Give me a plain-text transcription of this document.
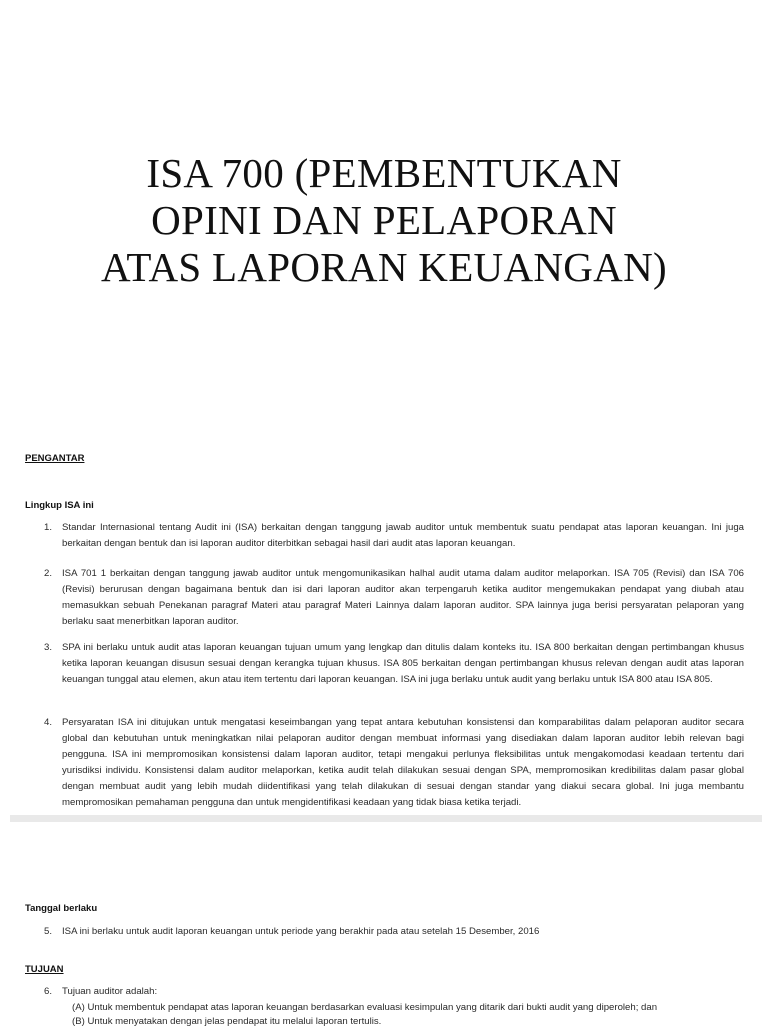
ISA 700 (PEMBENTUKAN
OPINI DAN PELAPORAN
ATAS LAPORAN KEUANGAN)
PENGANTAR
Lingkup ISA ini
1. Standar Internasional tentang Audit ini (ISA) berkaitan dengan tanggung jawab auditor untuk membentuk suatu pendapat atas laporan keuangan. Ini juga berkaitan dengan bentuk dan isi laporan auditor diterbitkan sebagai hasil dari audit atas laporan keuangan.
2. ISA 701 1 berkaitan dengan tanggung jawab auditor untuk mengomunikasikan halhal audit utama dalam auditor melaporkan. ISA 705 (Revisi) dan ISA 706 (Revisi) berurusan dengan bagaimana bentuk dan isi dari laporan auditor akan terpengaruh ketika auditor mengemukakan pendapat yang diubah atau memasukkan sebuah Penekanan paragraf Materi atau paragraf Materi Lainnya dalam laporan auditor. SPA lainnya juga berisi persyaratan pelaporan yang berlaku saat menerbitkan laporan auditor.
3. SPA ini berlaku untuk audit atas laporan keuangan tujuan umum yang lengkap dan ditulis dalam konteks itu. ISA 800 berkaitan dengan pertimbangan khusus ketika laporan keuangan disusun sesuai dengan kerangka tujuan khusus. ISA 805 berkaitan dengan pertimbangan khusus relevan dengan audit atas laporan keuangan tunggal atau elemen, akun atau item tertentu dari laporan keuangan. ISA ini juga berlaku untuk audit yang berlaku untuk ISA 800 atau ISA 805.
4. Persyaratan ISA ini ditujukan untuk mengatasi keseimbangan yang tepat antara kebutuhan konsistensi dan komparabilitas dalam pelaporan auditor secara global dan kebutuhan untuk meningkatkan nilai pelaporan auditor dengan membuat informasi yang disediakan dalam laporan auditor lebih relevan bagi pengguna. ISA ini mempromosikan konsistensi dalam laporan auditor, tetapi mengakui perlunya fleksibilitas untuk mengakomodasi keadaan tertentu dari yurisdiksi individu. Konsistensi dalam auditor melaporkan, ketika audit telah dilakukan sesuai dengan SPA, mempromosikan kredibilitas dalam pasar global dengan membuat audit yang lebih mudah diidentifikasi yang telah dilakukan di sesuai dengan standar yang diakui secara global. Ini juga membantu mempromosikan pemahaman pengguna dan untuk mengidentifikasi keadaan yang tidak biasa ketika terjadi.
Tanggal berlaku
5. ISA ini berlaku untuk audit laporan keuangan untuk periode yang berakhir pada atau setelah 15 Desember, 2016
TUJUAN
6. Tujuan auditor adalah:
(A) Untuk membentuk pendapat atas laporan keuangan berdasarkan evaluasi kesimpulan yang ditarik dari bukti audit yang diperoleh; dan
(B) Untuk menyatakan dengan jelas pendapat itu melalui laporan tertulis.
